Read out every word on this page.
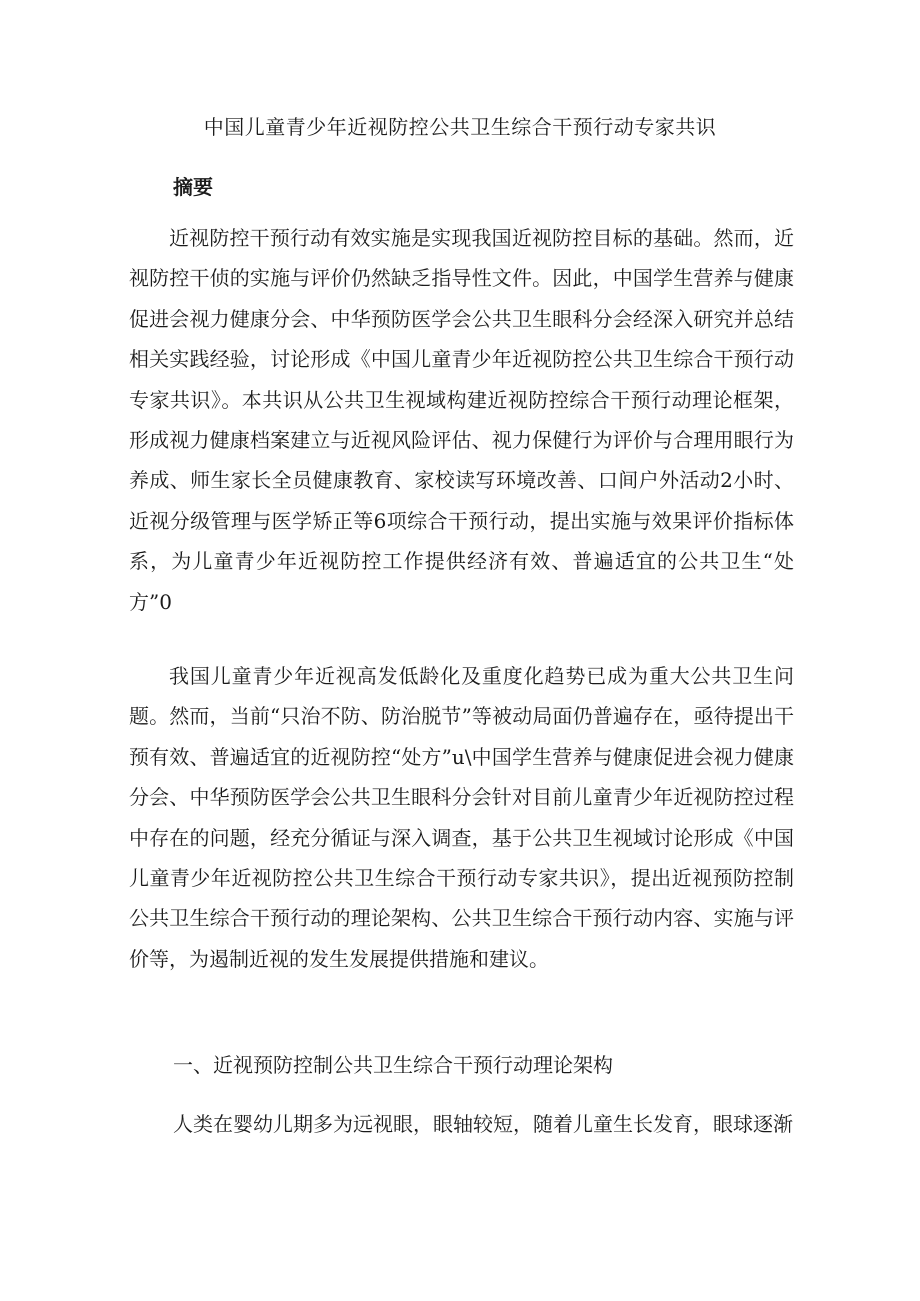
中国儿童青少年近视防控公共卫生综合干预行动专家共识
摘要

近视防控干预行动有效实施是实现我国近视防控目标的基础。然而，近视防控干侦的实施与评价仍然缺乏指导性文件。因此，中国学生营养与健康促进会视力健康分会、中华预防医学会公共卫生眼科分会经深入研究并总结相关实践经验，讨论形成《中国儿童青少年近视防控公共卫生综合干预行动专家共识》。本共识从公共卫生视域构建近视防控综合干预行动理论框架，形成视力健康档案建立与近视风险评估、视力保健行为评价与合理用眼行为养成、师生家长全员健康教育、家校读写环境改善、口间户外活动2小时、近视分级管理与医学矫正等6项综合干预行动，提出实施与效果评价指标体系，为儿童青少年近视防控工作提供经济有效、普遍适宜的公共卫生“处方”0

我国儿童青少年近视高发低龄化及重度化趋势已成为重大公共卫生问题。然而，当前“只治不防、防治脱节”等被动局面仍普遍存在，亟待提出干预有效、普遍适宜的近视防控“处方”u\中国学生营养与健康促进会视力健康分会、中华预防医学会公共卫生眼科分会针对目前儿童青少年近视防控过程中存在的问题，经充分循证与深入调查，基于公共卫生视域讨论形成《中国儿童青少年近视防控公共卫生综合干预行动专家共识》，提出近视预防控制公共卫生综合干预行动的理论架构、公共卫生综合干预行动内容、实施与评价等，为遏制近视的发生发展提供措施和建议。

一、近视预防控制公共卫生综合干预行动理论架构
人类在婴幼儿期多为远视眼，眼轴较短，随着儿童生长发育，眼球逐渐
